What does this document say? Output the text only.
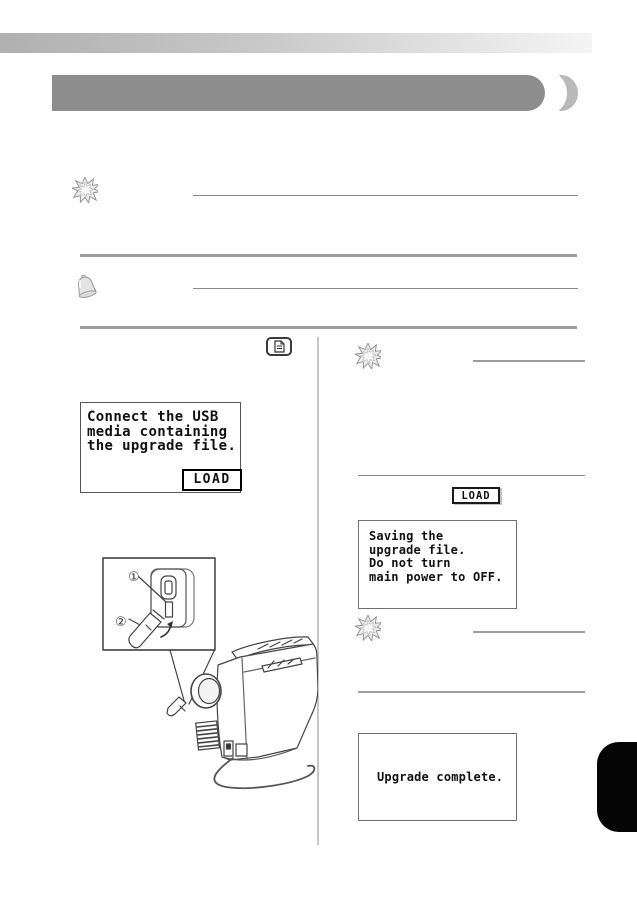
Connect the USB
media containing
the upgrade file.
LOAD
①
②
LOAD
Saving the
upgrade file.
Do not turn
main power to OFF.
Upgrade complete.
